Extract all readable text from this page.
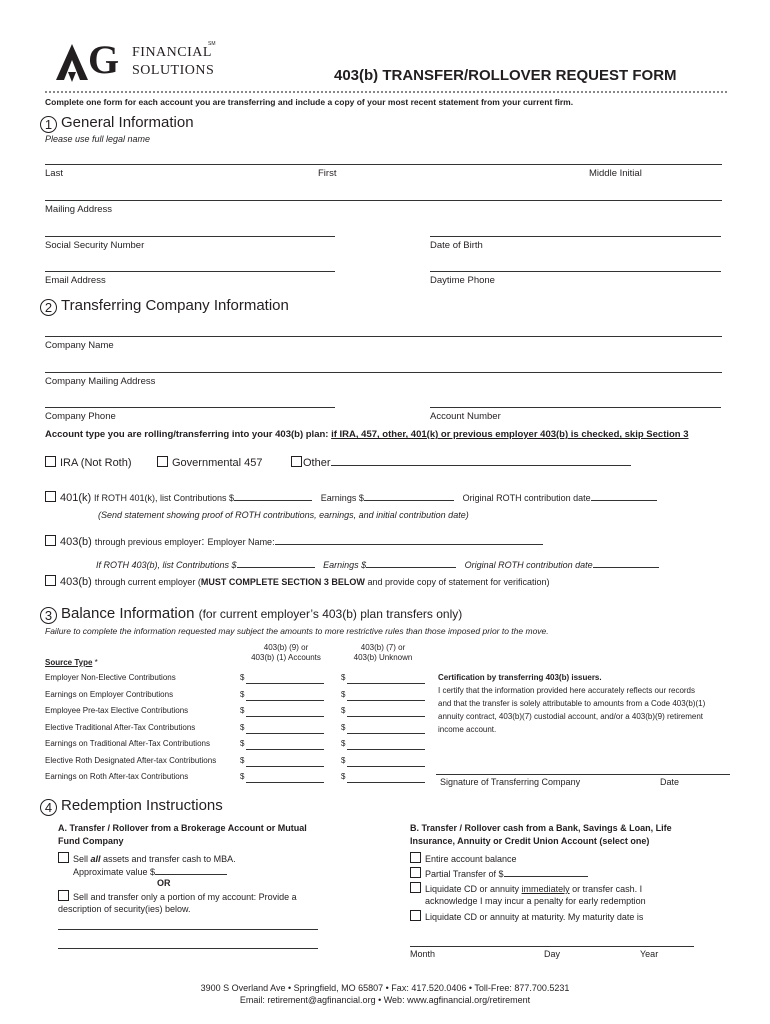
G FINANCIAL
SM
SOLUTIONS	403(b) TRANSFER/ROLLOVER REQUEST FORM
Complete one form for each account you are transferring and include a copy of your most recent statement from your current firm.
1 General Information
Please use full legal name
Last	First	Middle Initial
Mailing Address
Social Security Number	Date of Birth
Email Address	Daytime Phone
2 Transferring Company Information
Company Name
Company Mailing Address
Company Phone	Account Number
Account type you are rolling/transferring into your 403(b) plan: if IRA, 457, other, 401(k) or previous employer 403(b) is checked, skip Section 3
IRA (Not Roth)	Governmental 457	Other
401(k) If ROTH 401(k), list Contributions $	Earnings $	Original ROTH contribution date
(Send statement showing proof of ROTH contributions, earnings, and initial contribution date)
403(b) through previous employer: Employer Name:
If ROTH 403(b), list Contributions $	Earnings $	Original ROTH contribution date
403(b) through current employer (MUST COMPLETE SECTION 3 BELOW and provide copy of statement for verification)
3 Balance Information (for current employer’s 403(b) plan transfers only)
Failure to complete the information requested may subject the amounts to more restrictive rules than those imposed prior to the move.
403(b) (9) or
403(b) (1) Accounts
403(b) (7) or
403(b) Unknown
Source Type *
Employer Non-Elective Contributions	$	$
Earnings on Employer Contributions	$	$
Employee Pre-tax Elective Contributions	$	$
Elective Traditional After-Tax Contributions	$	$
Earnings on Traditional After-Tax Contributions	$	$
Elective Roth Designated After-tax Contributions	$	$
Earnings on Roth After-tax Contributions	$	$
Certification by transferring 403(b) issuers.
I certify that the information provided here accurately reflects our records
and that the transfer is solely attributable to amounts from a Code 403(b)(1)
annuity contract, 403(b)(7) custodial account, and/or a 403(b)(9) retirement
income account.
Signature of Transferring Company	Date
4 Redemption Instructions
A. Transfer / Rollover from a Brokerage Account or Mutual
Fund Company
Sell all assets and transfer cash to MBA.
Approximate value $
OR
Sell and transfer only a portion of my account: Provide a
description of security(ies) below.
B. Transfer / Rollover cash from a Bank, Savings & Loan, Life
Insurance, Annuity or Credit Union Account (select one)
Entire account balance
Partial Transfer of $
Liquidate CD or annuity immediately or transfer cash. I
acknowledge I may incur a penalty for early redemption
Liquidate CD or annuity at maturity. My maturity date is
Month	Day	Year
3900 S Overland Ave • Springfield, MO 65807 • Fax: 417.520.0406 • Toll-Free: 877.700.5231
Email: retirement@agfinancial.org • Web: www.agfinancial.org/retirement
